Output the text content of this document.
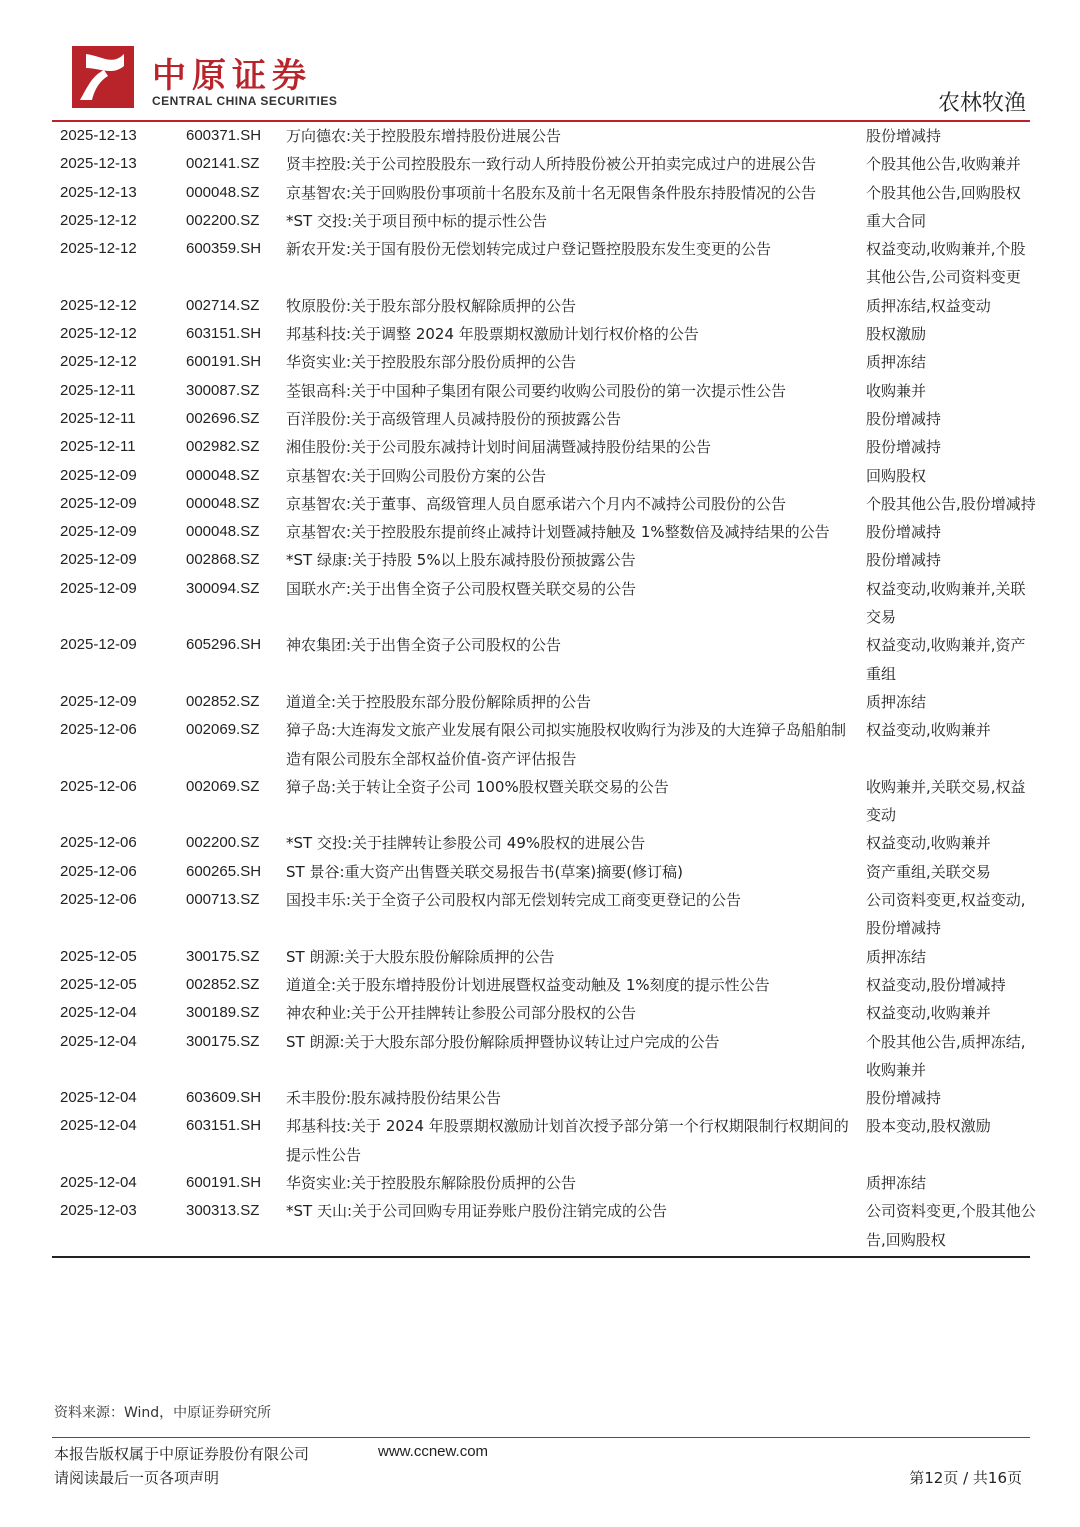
中原证券
CENTRAL CHINA SECURITIES	农林牧渔
2025-12-13	600371.SH	万向德农:关于控股股东增持股份进展公告	股份增减持
2025-12-13	002141.SZ	贤丰控股:关于公司控股股东一致行动人所持股份被公开拍卖完成过户的进展公告	个股其他公告,收购兼并
2025-12-13	000048.SZ	京基智农:关于回购股份事项前十名股东及前十名无限售条件股东持股情况的公告	个股其他公告,回购股权
2025-12-12	002200.SZ	*ST 交投:关于项目预中标的提示性公告	重大合同
2025-12-12	600359.SH	新农开发:关于国有股份无偿划转完成过户登记暨控股股东发生变更的公告	权益变动,收购兼并,个股其他公告,公司资料变更
2025-12-12	002714.SZ	牧原股份:关于股东部分股权解除质押的公告	质押冻结,权益变动
2025-12-12	603151.SH	邦基科技:关于调整 2024 年股票期权激励计划行权价格的公告	股权激励
2025-12-12	600191.SH	华资实业:关于控股股东部分股份质押的公告	质押冻结
2025-12-11	300087.SZ	荃银高科:关于中国种子集团有限公司要约收购公司股份的第一次提示性公告	收购兼并
2025-12-11	002696.SZ	百洋股份:关于高级管理人员减持股份的预披露公告	股份增减持
2025-12-11	002982.SZ	湘佳股份:关于公司股东减持计划时间届满暨减持股份结果的公告	股份增减持
2025-12-09	000048.SZ	京基智农:关于回购公司股份方案的公告	回购股权
2025-12-09	000048.SZ	京基智农:关于董事、高级管理人员自愿承诺六个月内不减持公司股份的公告	个股其他公告,股份增减持
2025-12-09	000048.SZ	京基智农:关于控股股东提前终止减持计划暨减持触及 1%整数倍及减持结果的公告	股份增减持
2025-12-09	002868.SZ	*ST 绿康:关于持股 5%以上股东减持股份预披露公告	股份增减持
2025-12-09	300094.SZ	国联水产:关于出售全资子公司股权暨关联交易的公告	权益变动,收购兼并,关联交易
2025-12-09	605296.SH	神农集团:关于出售全资子公司股权的公告	权益变动,收购兼并,资产重组
2025-12-09	002852.SZ	道道全:关于控股股东部分股份解除质押的公告	质押冻结
2025-12-06	002069.SZ	獐子岛:大连海发文旅产业发展有限公司拟实施股权收购行为涉及的大连獐子岛船舶制造有限公司股东全部权益价值-资产评估报告	权益变动,收购兼并
2025-12-06	002069.SZ	獐子岛:关于转让全资子公司 100%股权暨关联交易的公告	收购兼并,关联交易,权益变动
2025-12-06	002200.SZ	*ST 交投:关于挂牌转让参股公司 49%股权的进展公告	权益变动,收购兼并
2025-12-06	600265.SH	ST 景谷:重大资产出售暨关联交易报告书(草案)摘要(修订稿)	资产重组,关联交易
2025-12-06	000713.SZ	国投丰乐:关于全资子公司股权内部无偿划转完成工商变更登记的公告	公司资料变更,权益变动,股份增减持
2025-12-05	300175.SZ	ST 朗源:关于大股东股份解除质押的公告	质押冻结
2025-12-05	002852.SZ	道道全:关于股东增持股份计划进展暨权益变动触及 1%刻度的提示性公告	权益变动,股份增减持
2025-12-04	300189.SZ	神农种业:关于公开挂牌转让参股公司部分股权的公告	权益变动,收购兼并
2025-12-04	300175.SZ	ST 朗源:关于大股东部分股份解除质押暨协议转让过户完成的公告	个股其他公告,质押冻结,收购兼并
2025-12-04	603609.SH	禾丰股份:股东减持股份结果公告	股份增减持
2025-12-04	603151.SH	邦基科技:关于 2024 年股票期权激励计划首次授予部分第一个行权期限制行权期间的提示性公告	股本变动,股权激励
2025-12-04	600191.SH	华资实业:关于控股股东解除股份质押的公告	质押冻结
2025-12-03	300313.SZ	*ST 天山:关于公司回购专用证券账户股份注销完成的公告	公司资料变更,个股其他公告,回购股权
资料来源：Wind，中原证券研究所
本报告版权属于中原证券股份有限公司	www.ccnew.com
请阅读最后一页各项声明	第12页 / 共16页
